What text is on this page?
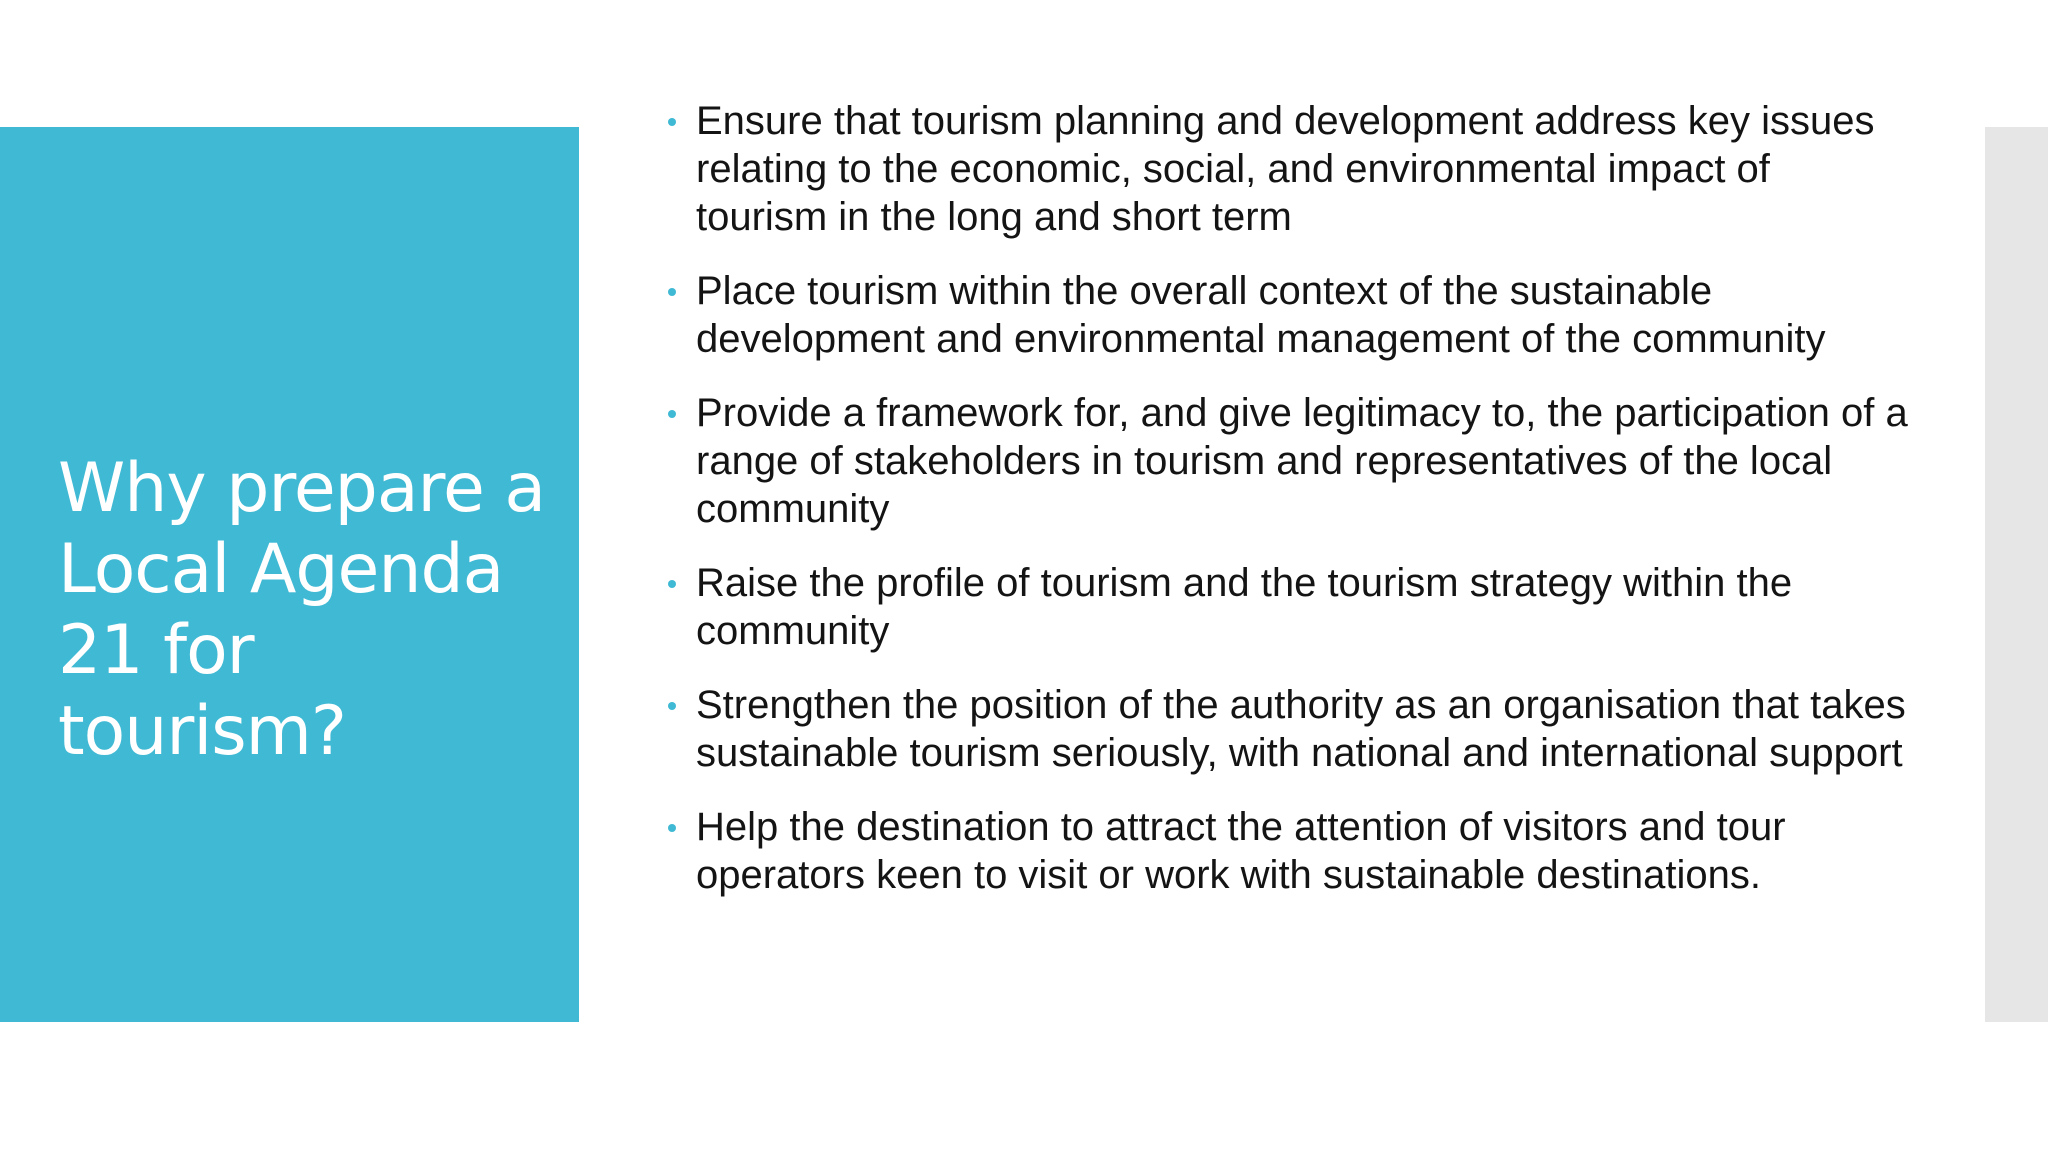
Why prepare a Local Agenda 21 for tourism?
Ensure that tourism planning and development address key issues relating to the economic, social, and environmental impact of tourism in the long and short term
Place tourism within the overall context of the sustainable development and environmental management of the community
Provide a framework for, and give legitimacy to, the participation of a range of stakeholders in tourism and representatives of the local community
Raise the profile of tourism and the tourism strategy within the community
Strengthen the position of the authority as an organisation that takes sustainable tourism seriously, with national and international support
Help the destination to attract the attention of visitors and tour operators keen to visit or work with sustainable destinations.
